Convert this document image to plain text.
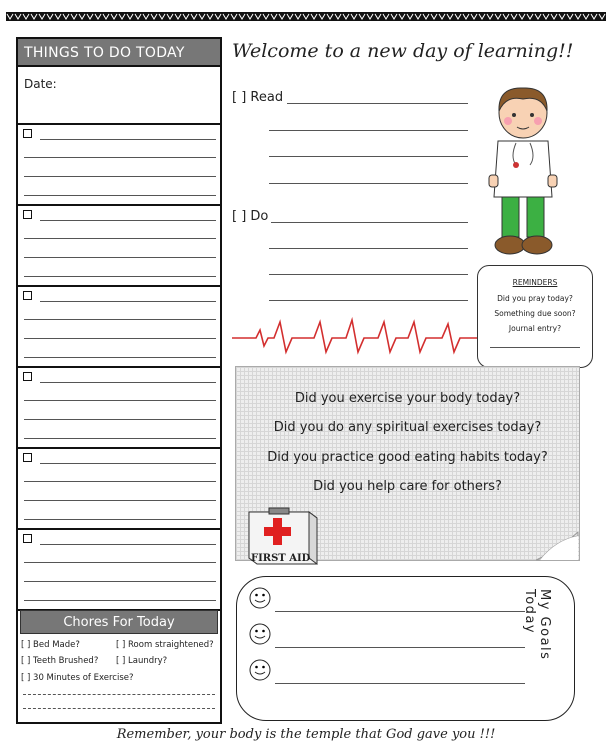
THINGS TO DO TODAY
Date:
Chores For Today
[ ] Bed Made?	[ ] Room straightened?
[ ] Teeth Brushed? [ ] Laundry?
[ ] 30 Minutes of Exercise?
Welcome to a new day of learning!!
[ ] Read
[ ] Do
REMINDERS
Did you pray today?
Something due soon?
Journal entry?
Did you exercise your body today?
Did you do any spiritual exercises today?
Did you practice good eating habits today?
Did you help care for others?
FIRST AID
My Goals Today
Remember, your body is the temple that God gave you !!!
